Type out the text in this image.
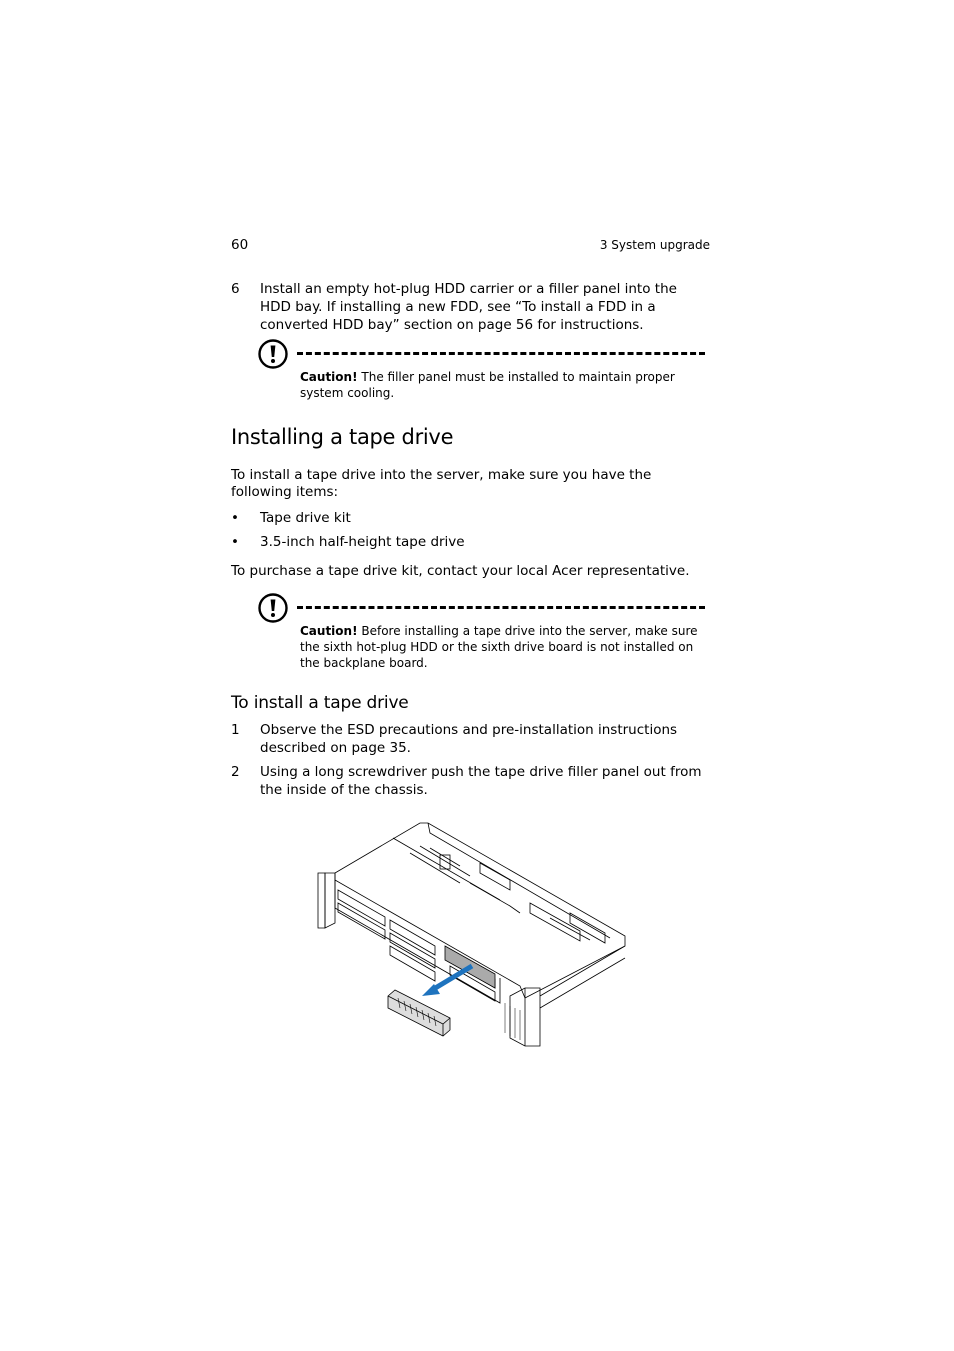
60	3 System upgrade
6 Install an empty hot-plug HDD carrier or a filler panel into the HDD bay. If installing a new FDD, see “To install a FDD in a converted HDD bay” section on page 56 for instructions.
Caution! The filler panel must be installed to maintain proper system cooling.
Installing a tape drive
To install a tape drive into the server, make sure you have the following items:
• Tape drive kit
• 3.5-inch half-height tape drive
To purchase a tape drive kit, contact your local Acer representative.
Caution! Before installing a tape drive into the server, make sure the sixth hot-plug HDD or the sixth drive board is not installed on the backplane board.
To install a tape drive
1 Observe the ESD precautions and pre-installation instructions described on page 35.
2 Using a long screwdriver push the tape drive filler panel out from the inside of the chassis.
